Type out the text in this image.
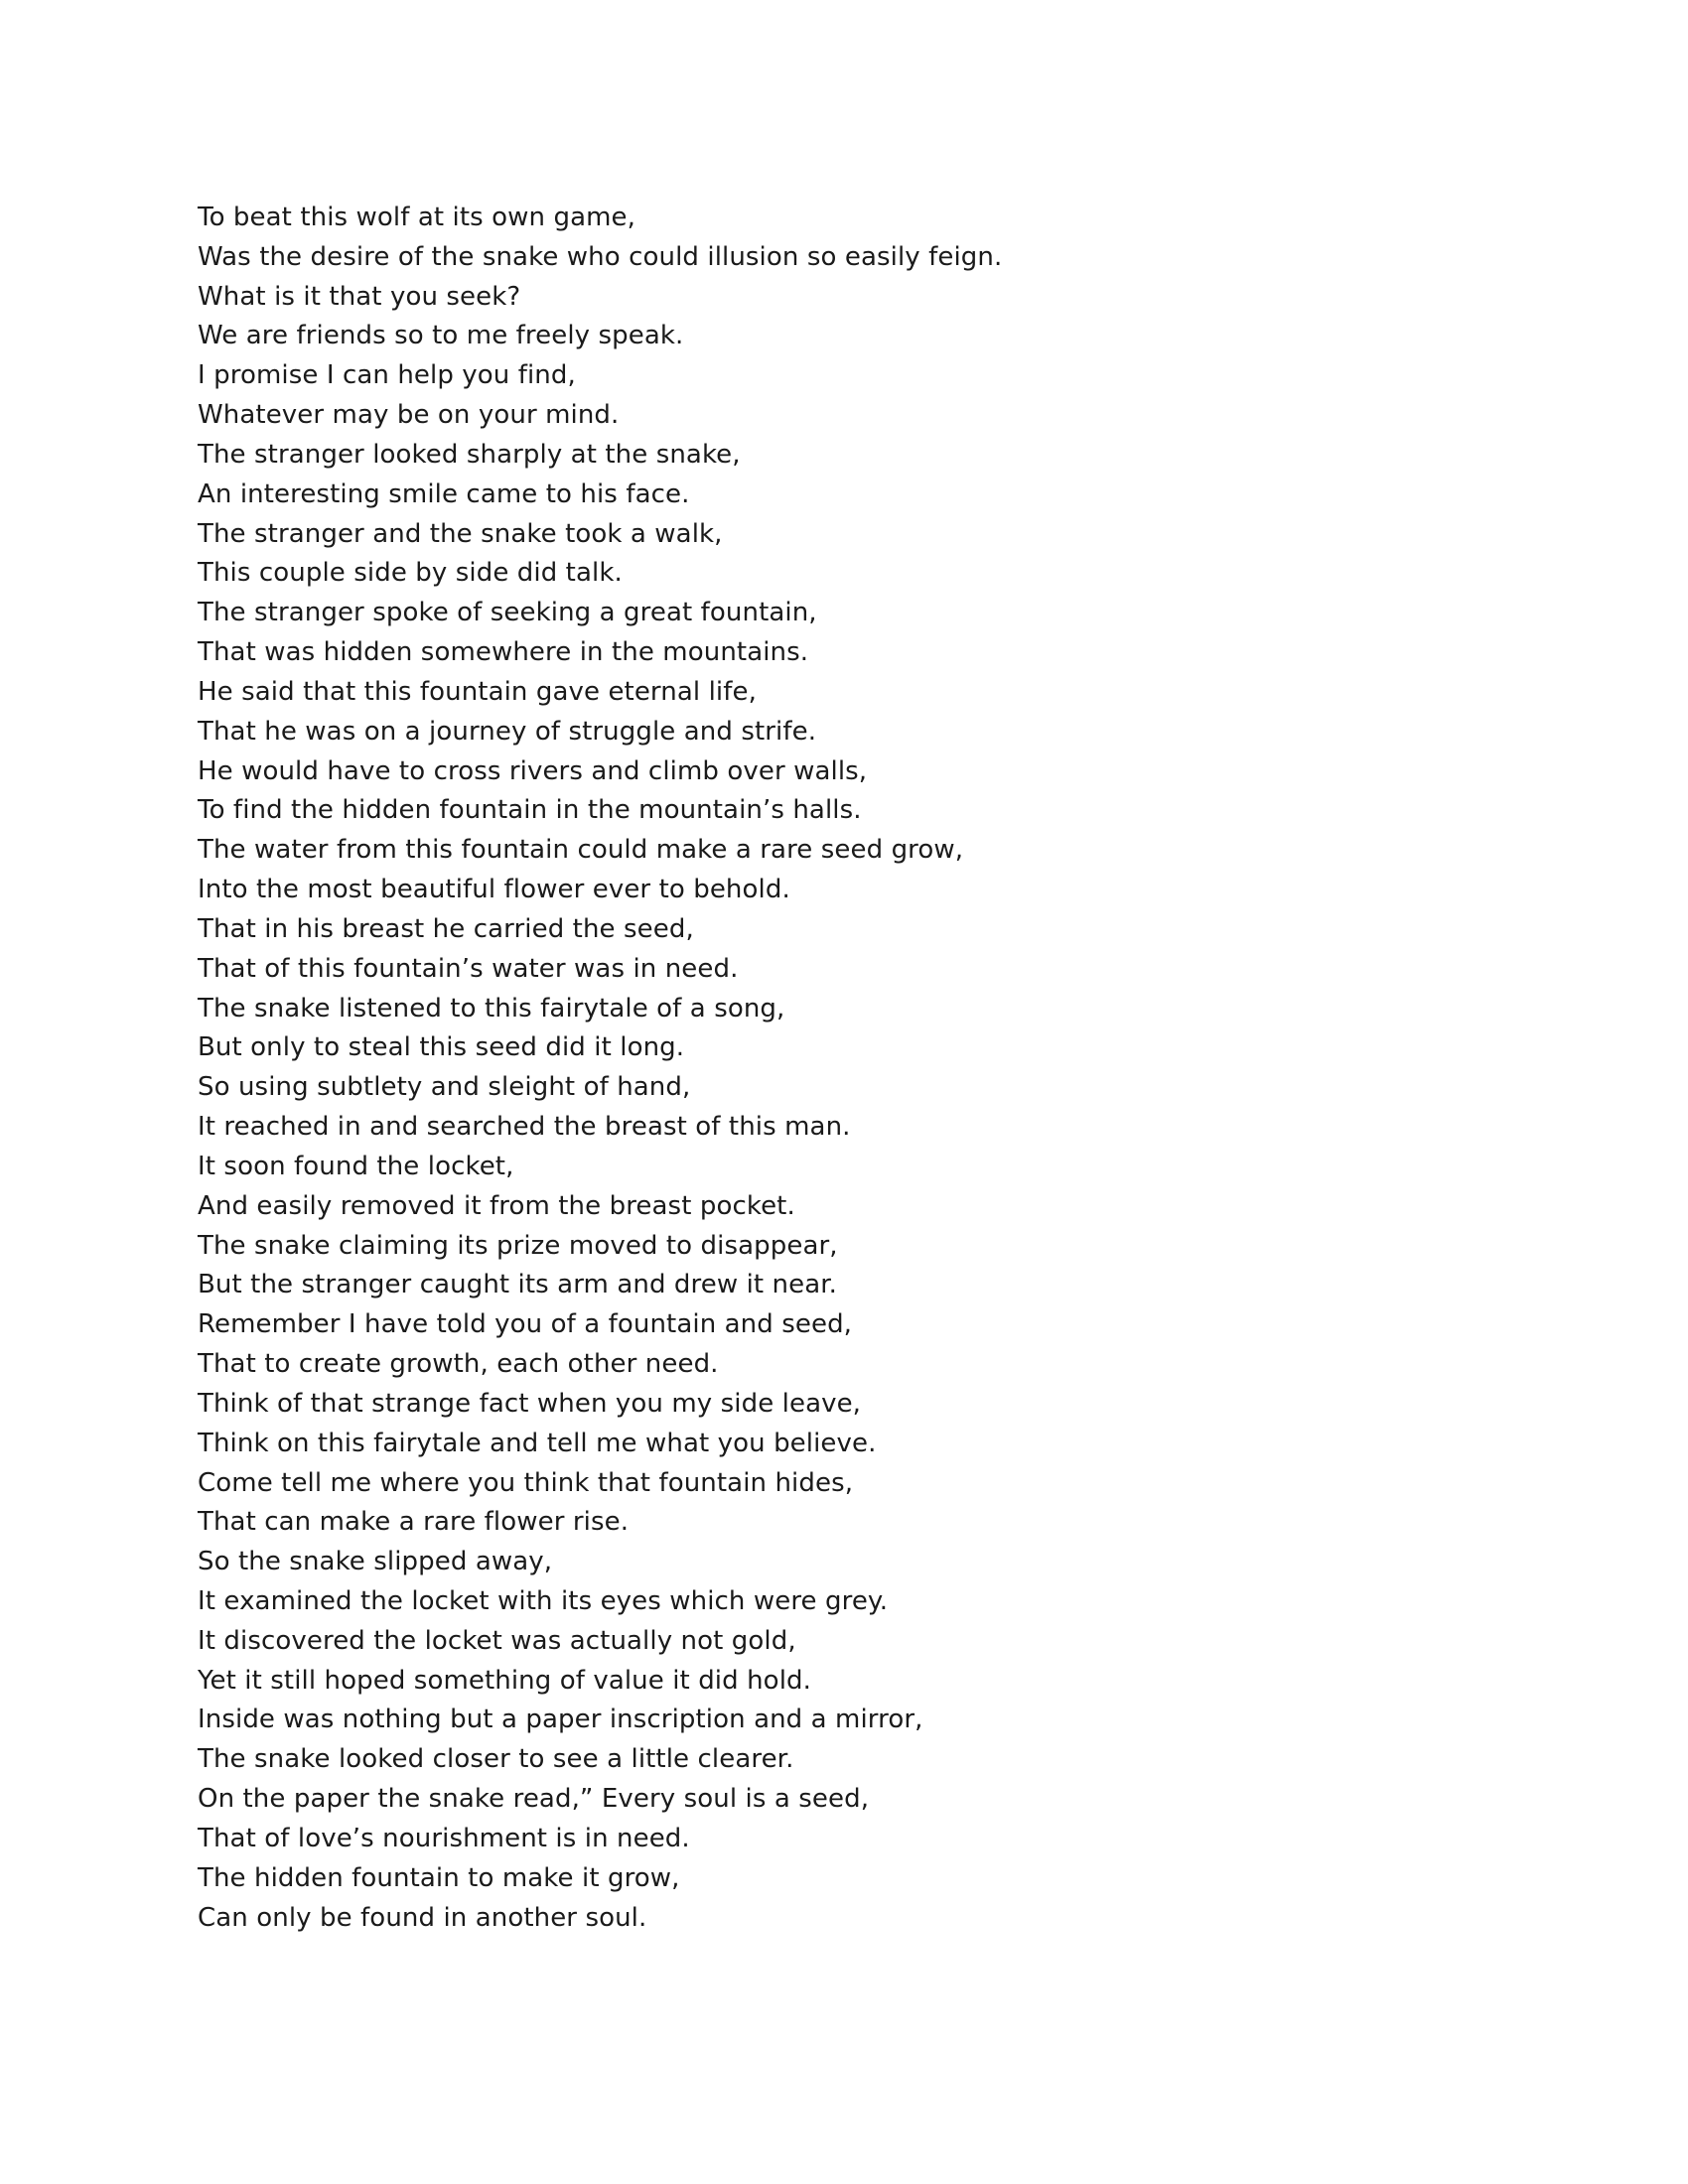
To beat this wolf at its own game,
Was the desire of the snake who could illusion so easily feign.
What is it that you seek?
We are friends so to me freely speak.
I promise I can help you find,
Whatever may be on your mind.
The stranger looked sharply at the snake,
An interesting smile came to his face.
The stranger and the snake took a walk,
This couple side by side did talk.
The stranger spoke of seeking a great fountain,
That was hidden somewhere in the mountains.
He said that this fountain gave eternal life,
That he was on a journey of struggle and strife.
He would have to cross rivers and climb over walls,
To find the hidden fountain in the mountain’s halls.
The water from this fountain could make a rare seed grow,
Into the most beautiful flower ever to behold.
That in his breast he carried the seed,
That of this fountain’s water was in need.
The snake listened to this fairytale of a song,
But only to steal this seed did it long.
So using subtlety and sleight of hand,
It reached in and searched the breast of this man.
It soon found the locket,
And easily removed it from the breast pocket.
The snake claiming its prize moved to disappear,
But the stranger caught its arm and drew it near.
Remember I have told you of a fountain and seed,
That to create growth, each other need.
Think of that strange fact when you my side leave,
Think on this fairytale and tell me what you believe.
Come tell me where you think that fountain hides,
That can make a rare flower rise.
So the snake slipped away,
It examined the locket with its eyes which were grey.
It discovered the locket was actually not gold,
Yet it still hoped something of value it did hold.
Inside was nothing but a paper inscription and a mirror,
The snake looked closer to see a little clearer.
On the paper the snake read,” Every soul is a seed,
That of love’s nourishment is in need.
The hidden fountain to make it grow,
Can only be found in another soul.
